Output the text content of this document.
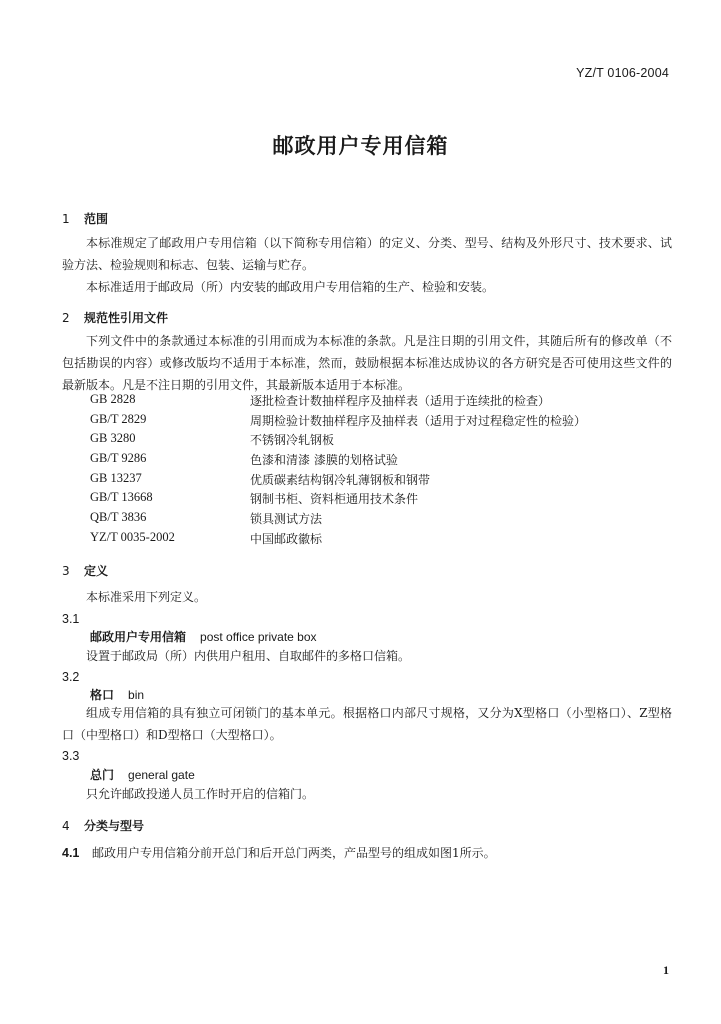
YZ/T 0106-2004
邮政用户专用信箱
1 范围
本标准规定了邮政用户专用信箱（以下简称专用信箱）的定义、分类、型号、结构及外形尺寸、技术要求、试验方法、检验规则和标志、包装、运输与贮存。
本标准适用于邮政局（所）内安装的邮政用户专用信箱的生产、检验和安装。
2 规范性引用文件
下列文件中的条款通过本标准的引用而成为本标准的条款。凡是注日期的引用文件，其随后所有的修改单（不包括勘误的内容）或修改版均不适用于本标准，然而，鼓励根据本标准达成协议的各方研究是否可使用这些文件的最新版本。凡是不注日期的引用文件，其最新版本适用于本标准。
GB 2828	逐批检查计数抽样程序及抽样表（适用于连续批的检查）
GB/T 2829	周期检验计数抽样程序及抽样表（适用于对过程稳定性的检验）
GB 3280	不锈钢冷轧钢板
GB/T 9286	色漆和清漆 漆膜的划格试验
GB 13237	优质碳素结构钢冷轧薄钢板和钢带
GB/T 13668	钢制书柜、资料柜通用技术条件
QB/T 3836	锁具测试方法
YZ/T 0035-2002	中国邮政徽标
3 定义
本标准采用下列定义。
3.1
邮政用户专用信箱 post office private box
设置于邮政局（所）内供用户租用、自取邮件的多格口信箱。
3.2
格口 bin
组成专用信箱的具有独立可闭锁门的基本单元。根据格口内部尺寸规格，又分为X型格口（小型格口）、Z型格口（中型格口）和D型格口（大型格口）。
3.3
总门 general gate
只允许邮政投递人员工作时开启的信箱门。
4 分类与型号
4.1 邮政用户专用信箱分前开总门和后开总门两类，产品型号的组成如图1所示。
1
